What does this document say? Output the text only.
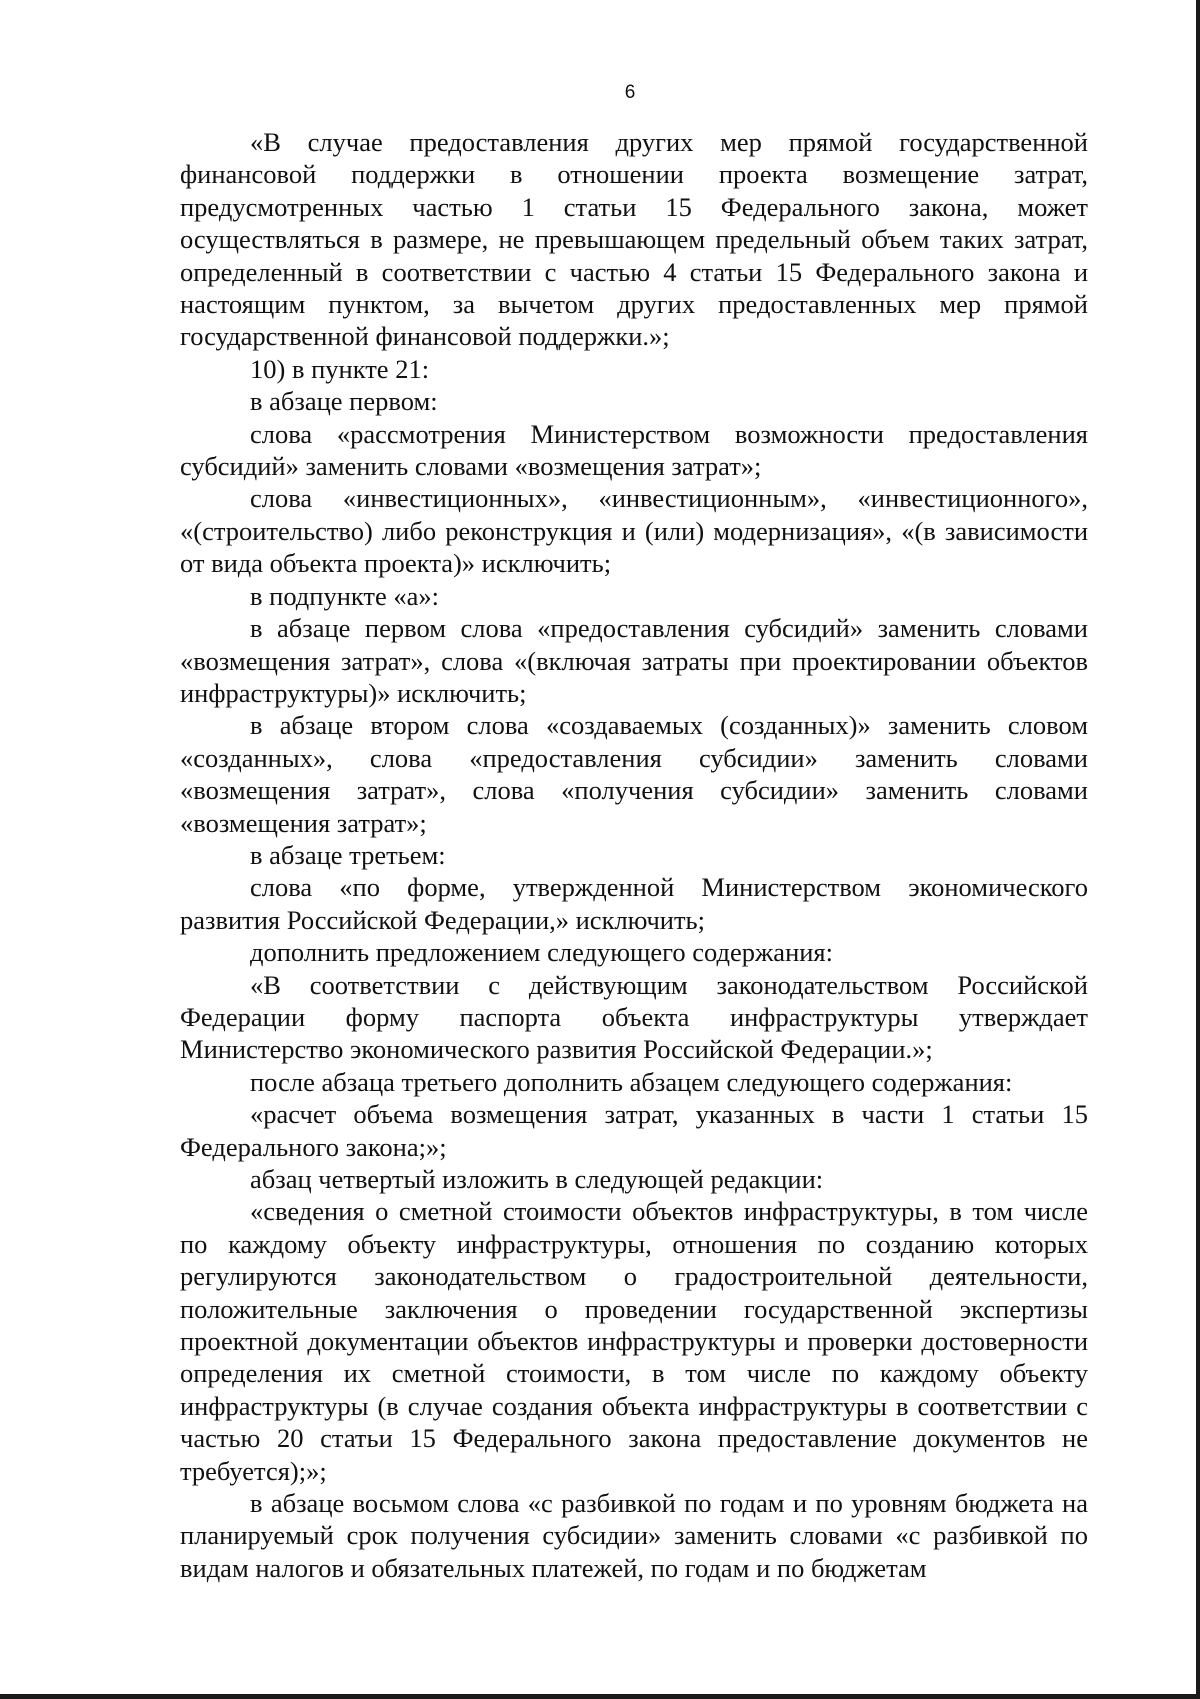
6

«В случае предоставления других мер прямой государственной финансовой поддержки в отношении проекта возмещение затрат, предусмотренных частью 1 статьи 15 Федерального закона, может осуществляться в размере, не превышающем предельный объем таких затрат, определенный в соответствии с частью 4 статьи 15 Федерального закона и настоящим пунктом, за вычетом других предоставленных мер прямой государственной финансовой поддержки.»;

10) в пункте 21:

в абзаце первом:

слова «рассмотрения Министерством возможности предоставления субсидий» заменить словами «возмещения затрат»;

слова «инвестиционных», «инвестиционным», «инвестиционного», «(строительство) либо реконструкция и (или) модернизация», «(в зависимости от вида объекта проекта)» исключить;

в подпункте «а»:

в абзаце первом слова «предоставления субсидий» заменить словами «возмещения затрат», слова «(включая затраты при проектировании объектов инфраструктуры)» исключить;

в абзаце втором слова «создаваемых (созданных)» заменить словом «созданных», слова «предоставления субсидии» заменить словами «возмещения затрат», слова «получения субсидии» заменить словами «возмещения затрат»;

в абзаце третьем:

слова «по форме, утвержденной Министерством экономического развития Российской Федерации,» исключить;

дополнить предложением следующего содержания:

«В соответствии с действующим законодательством Российской Федерации форму паспорта объекта инфраструктуры утверждает Министерство экономического развития Российской Федерации.»;

после абзаца третьего дополнить абзацем следующего содержания:

«расчет объема возмещения затрат, указанных в части 1 статьи 15 Федерального закона;»;

абзац четвертый изложить в следующей редакции:

«сведения о сметной стоимости объектов инфраструктуры, в том числе по каждому объекту инфраструктуры, отношения по созданию которых регулируются законодательством о градостроительной деятельности, положительные заключения о проведении государственной экспертизы проектной документации объектов инфраструктуры и проверки достоверности определения их сметной стоимости, в том числе по каждому объекту инфраструктуры (в случае создания объекта инфраструктуры в соответствии с частью 20 статьи 15 Федерального закона предоставление документов не требуется);»;

в абзаце восьмом слова «с разбивкой по годам и по уровням бюджета на планируемый срок получения субсидии» заменить словами «с разбивкой по видам налогов и обязательных платежей, по годам и по бюджетам
